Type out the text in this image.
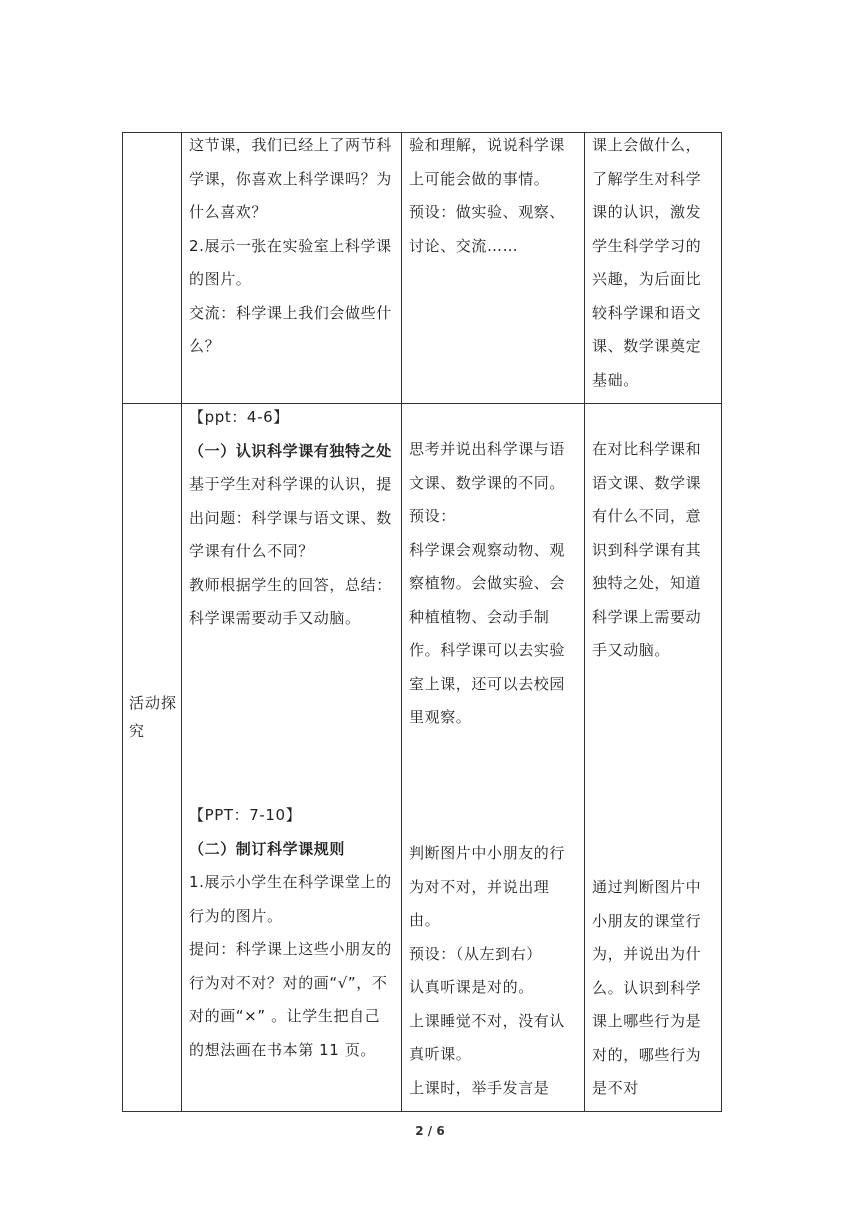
这节课，我们已经上了两节科学课，你喜欢上科学课吗？为什么喜欢？

2.展示一张在实验室上科学课的图片。

交流：科学课上我们会做些什么？

验和理解，说说科学课上可能会做的事情。

预设：做实验、观察、讨论、交流……

课上会做什么，了解学生对科学课的认识，激发学生科学学习的兴趣，为后面比较科学课和语文课、数学课奠定基础。

活动探究

【ppt：4-6】

（一）认识科学课有独特之处

基于学生对科学课的认识，提出问题：科学课与语文课、数学课有什么不同？

教师根据学生的回答，总结：科学课需要动手又动脑。

思考并说出科学课与语文课、数学课的不同。

预设：

科学课会观察动物、观察植物。会做实验、会种植植物、会动手制作。科学课可以去实验室上课，还可以去校园里观察。

在对比科学课和语文课、数学课有什么不同，意识到科学课有其独特之处，知道科学课上需要动手又动脑。

【PPT：7-10】

（二）制订科学课规则

1.展示小学生在科学课堂上的行为的图片。

提问：科学课上这些小朋友的行为对不对？对的画“√”，不对的画“×” 。让学生把自己的想法画在书本第 11 页。

判断图片中小朋友的行为对不对，并说出理由。

预设：（从左到右）

认真听课是对的。

上课睡觉不对，没有认真听课。

上课时，举手发言是

通过判断图片中小朋友的课堂行为，并说出为什么。认识到科学课上哪些行为是对的，哪些行为是不对

2 / 6
